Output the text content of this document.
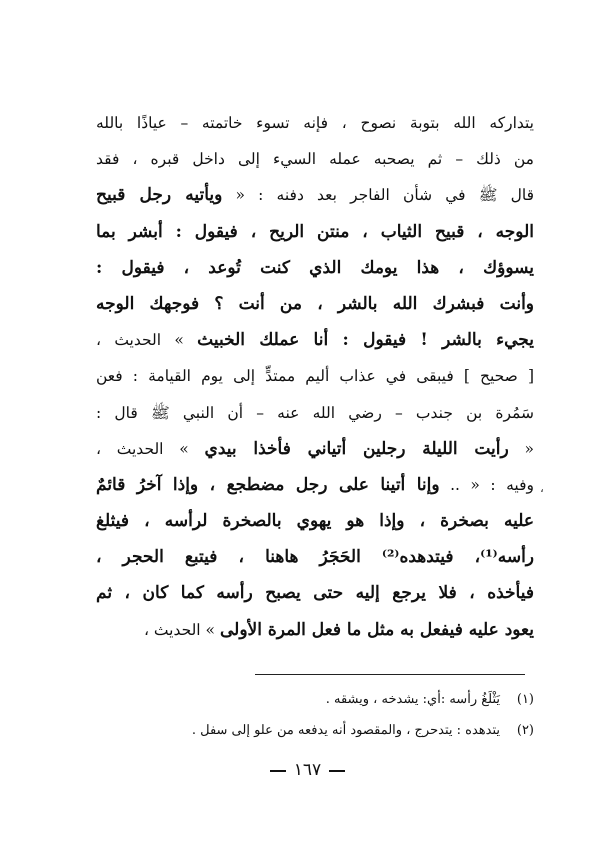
يتداركه الله بتوبة نصوح ، فإنه تسوء خاتمته – عياذًا بالله
من ذلك – ثم يصحبه عمله السيء إلى داخل قبره ، فقد
قال ﷺ في شأن الفاجر بعد دفنه : « ويأتيه رجل قبيح
الوجه ، قبيح الثياب ، منتن الريح ، فيقول : أبشر بما
يسوؤك ، هذا يومك الذي كنت تُوعد ، فيقول :
وأنت فبشرك الله بالشر ، من أنت ؟ فوجهك الوجه
يجيء بالشر ! فيقول : أنا عملك الخبيث » الحديث ،
[ صحيح ] فيبقى في عذاب أليم ممتدٍّ إلى يوم القيامة : فعن
سَمُرة بن جندب – رضي الله عنه – أن النبي ﷺ قال :
« رأيت الليلة رجلين أتياني فأخذا بيدي » الحديث ،
وفيه : « .. وإنا أتينا على رجل مضطجع ، وإذا آخرُ قائمٌ
عليه بصخرة ، وإذا هو يهوي بالصخرة لرأسه ، فيثلغ
رأسه⁽¹⁾، فيتدهده⁽²⁾ الحَجَرُ هاهنا ، فيتبع الحجر ،
فيأخذه ، فلا يرجع إليه حتى يصبح رأسه كما كان ، ثم
يعود عليه فيفعل به مثل ما فعل المرة الأولى » الحديث ،
،
(١)يَثْلَغُ رأسه :أي: يشدخه ، ويشقه .
(٢)يتدهده : يتدحرج ، والمقصود أنه يدفعه من علو إلى سفل .
١٦٧
